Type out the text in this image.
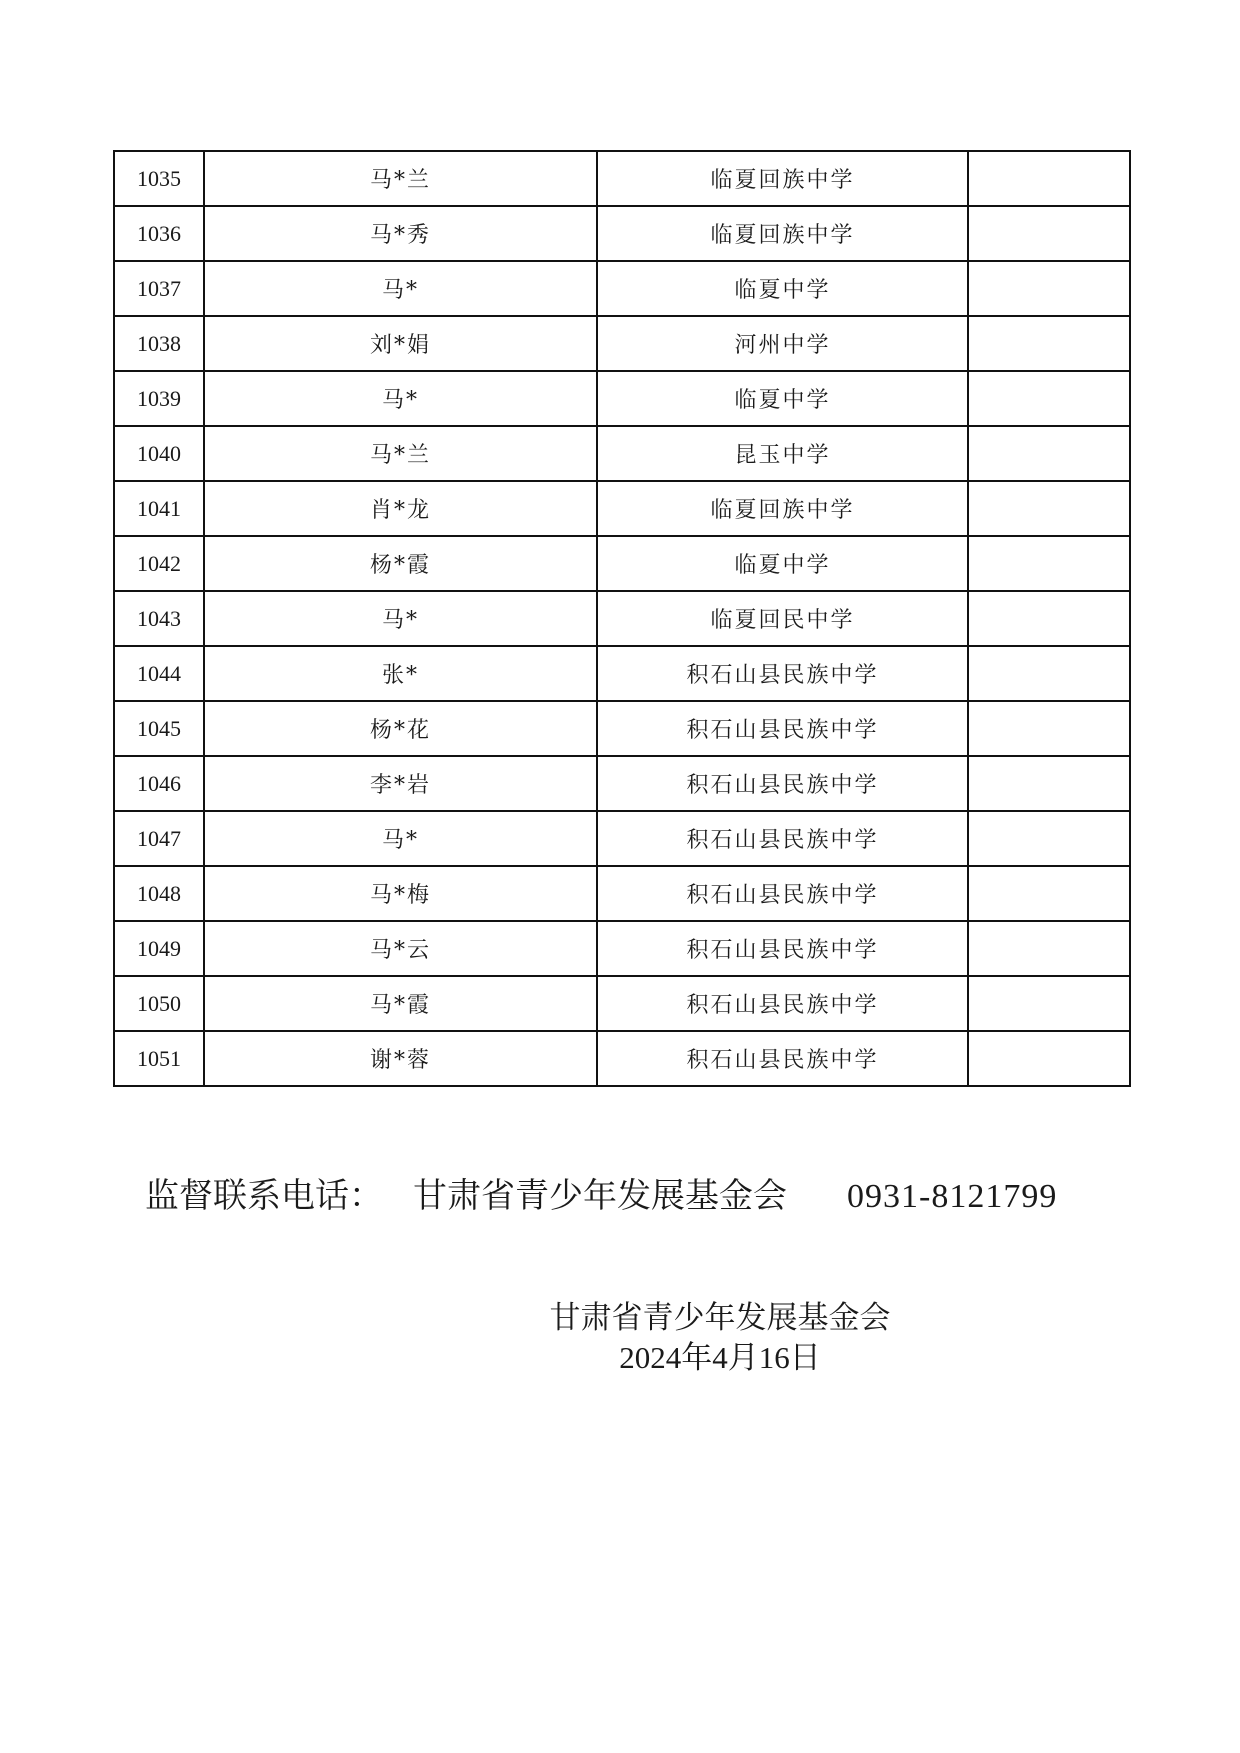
1035	马*兰	临夏回族中学	
1036	马*秀	临夏回族中学	
1037	马*	临夏中学	
1038	刘*娟	河州中学	
1039	马*	临夏中学	
1040	马*兰	昆玉中学	
1041	肖*龙	临夏回族中学	
1042	杨*霞	临夏中学	
1043	马*	临夏回民中学	
1044	张*	积石山县民族中学	
1045	杨*花	积石山县民族中学	
1046	李*岩	积石山县民族中学	
1047	马*	积石山县民族中学	
1048	马*梅	积石山县民族中学	
1049	马*云	积石山县民族中学	
1050	马*霞	积石山县民族中学	
1051	谢*蓉	积石山县民族中学	
监督联系电话： 甘肃省青少年发展基金会 0931-8121799
甘肃省青少年发展基金会
2024年4月16日
